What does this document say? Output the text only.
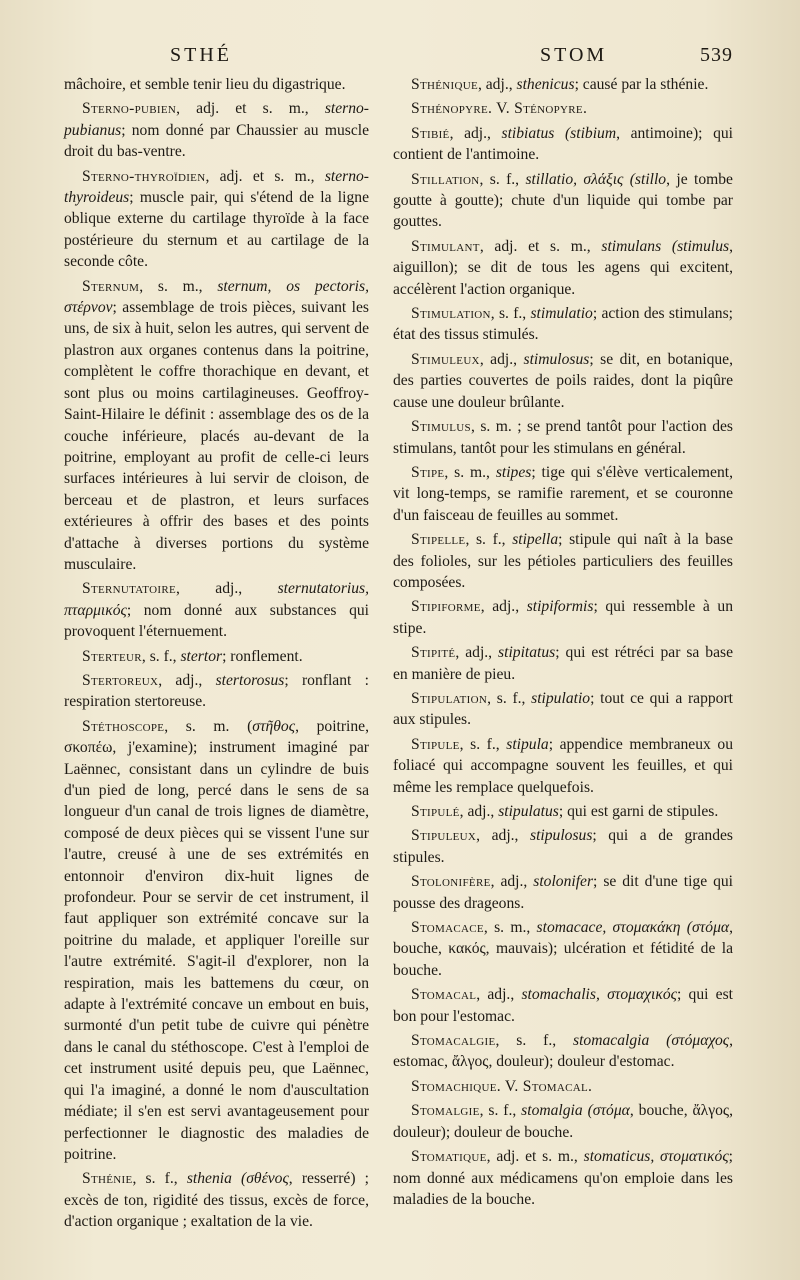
STHÉ	STOM	539

mâchoire, et semble tenir lieu du digastrique.

Sterno-pubien, adj. et s. m., sterno-pubianus; nom donné par Chaussier au muscle droit du bas-ventre.

Sterno-thyroïdien, adj. et s. m., sterno-thyroideus; muscle pair, qui s'étend de la ligne oblique externe du cartilage thyroïde à la face postérieure du sternum et au cartilage de la seconde côte.

Sternum, s. m., sternum, os pectoris, στέρνον; assemblage de trois pièces, suivant les uns, de six à huit, selon les autres, qui servent de plastron aux organes contenus dans la poitrine, complètent le coffre thorachique en devant, et sont plus ou moins cartilagineuses. Geoffroy-Saint-Hilaire le définit : assemblage des os de la couche inférieure, placés au-devant de la poitrine, employant au profit de celle-ci leurs surfaces intérieures à lui servir de cloison, de berceau et de plastron, et leurs surfaces extérieures à offrir des bases et des points d'attache à diverses portions du système musculaire.

Sternutatoire, adj., sternutatorius, πταρμικός; nom donné aux substances qui provoquent l'éternuement.

Sterteur, s. f., stertor; ronflement.

Stertoreux, adj., stertorosus; ronflant : respiration stertoreuse.

Stéthoscope, s. m. (στῆθος, poitrine, σκοπέω, j'examine); instrument imaginé par Laënnec, consistant dans un cylindre de buis d'un pied de long, percé dans le sens de sa longueur d'un canal de trois lignes de diamètre, composé de deux pièces qui se vissent l'une sur l'autre, creusé à une de ses extrémités en entonnoir d'environ dix-huit lignes de profondeur. Pour se servir de cet instrument, il faut appliquer son extrémité concave sur la poitrine du malade, et appliquer l'oreille sur l'autre extrémité. S'agit-il d'explorer, non la respiration, mais les battemens du cœur, on adapte à l'extrémité concave un embout en buis, surmonté d'un petit tube de cuivre qui pénètre dans le canal du stéthoscope. C'est à l'emploi de cet instrument usité depuis peu, que Laënnec, qui l'a imaginé, a donné le nom d'auscultation médiate; il s'en est servi avantageusement pour perfectionner le diagnostic des maladies de poitrine.

Sthénie, s. f., sthenia (σθένος, resserré) ; excès de ton, rigidité des tissus, excès de force, d'action organique ; exaltation de la vie.

Sthénique, adj., sthenicus; causé par la sthénie.

Sthénopyre. V. Sténopyre.

Stibié, adj., stibiatus (stibium, antimoine); qui contient de l'antimoine.

Stillation, s. f., stillatio, σλάξις (stillo, je tombe goutte à goutte); chute d'un liquide qui tombe par gouttes.

Stimulant, adj. et s. m., stimulans (stimulus, aiguillon); se dit de tous les agens qui excitent, accélèrent l'action organique.

Stimulation, s. f., stimulatio; action des stimulans; état des tissus stimulés.

Stimuleux, adj., stimulosus; se dit, en botanique, des parties couvertes de poils raides, dont la piqûre cause une douleur brûlante.

Stimulus, s. m. ; se prend tantôt pour l'action des stimulans, tantôt pour les stimulans en général.

Stipe, s. m., stipes; tige qui s'élève verticalement, vit long-temps, se ramifie rarement, et se couronne d'un faisceau de feuilles au sommet.

Stipelle, s. f., stipella; stipule qui naît à la base des folioles, sur les pétioles particuliers des feuilles composées.

Stipiforme, adj., stipiformis; qui ressemble à un stipe.

Stipité, adj., stipitatus; qui est rétréci par sa base en manière de pieu.

Stipulation, s. f., stipulatio; tout ce qui a rapport aux stipules.

Stipule, s. f., stipula; appendice membraneux ou foliacé qui accompagne souvent les feuilles, et qui même les remplace quelquefois.

Stipulé, adj., stipulatus; qui est garni de stipules.

Stipuleux, adj., stipulosus; qui a de grandes stipules.

Stolonifère, adj., stolonifer; se dit d'une tige qui pousse des drageons.

Stomacace, s. m., stomacace, στομακάκη (στόμα, bouche, κακός, mauvais); ulcération et fétidité de la bouche.

Stomacal, adj., stomachalis, στομαχικός; qui est bon pour l'estomac.

Stomacalgie, s. f., stomacalgia (στόμαχος, estomac, ἄλγος, douleur); douleur d'estomac.

Stomachique. V. Stomacal.

Stomalgie, s. f., stomalgia (στόμα, bouche, ἄλγος, douleur); douleur de bouche.

Stomatique, adj. et s. m., stomaticus, στοματικός; nom donné aux médicamens qu'on emploie dans les maladies de la bouche.
